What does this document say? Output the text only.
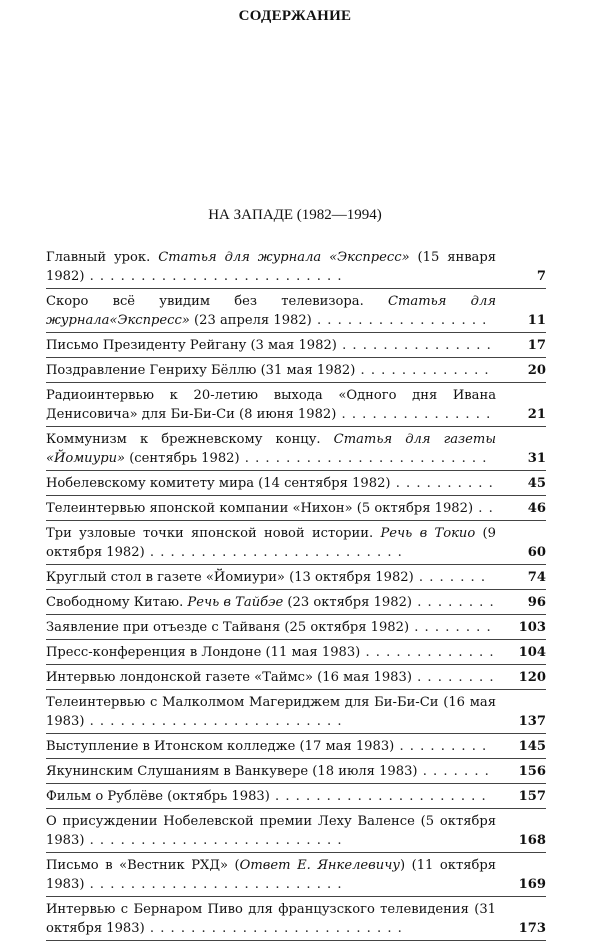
СОДЕРЖАНИЕ
НА ЗАПАДЕ (1982—1994)
Главный урок. Статья для журнала «Экспресс» (15 января 1982) . . . . . . . . . . . . . . . . . . . . . . . . .	7
Скоро всё увидим без телевизора. Статья для журнала«Экспресс» (23 апреля 1982) . . . . . . . . . . . . . . . . .	11
Письмо Президенту Рейгану (3 мая 1982) . . . . . . . . . . . . . . .	17
Поздравление Генриху Бёллю (31 мая 1982) . . . . . . . . . . . . .	20
Радиоинтервью к 20-летию выхода «Одного дня Ивана Денисовича» для Би-Би-Си (8 июня 1982) . . . . . . . . . . . . . . .	21
Коммунизм к брежневскому концу. Статья для газеты «Йомиури» (сентябрь 1982) . . . . . . . . . . . . . . . . . . . . . . . .	31
Нобелевскому комитету мира (14 сентября 1982) . . . . . . . . . .	45
Телеинтервью японской компании «Нихон» (5 октября 1982) . .	46
Три узловые точки японской новой истории. Речь в Токио (9 октября 1982) . . . . . . . . . . . . . . . . . . . . . . . . .	60
Круглый стол в газете «Йомиури» (13 октября 1982) . . . . . . .	74
Свободному Китаю. Речь в Тайбэе (23 октября 1982) . . . . . . . .	96
Заявление при отъезде с Тайваня (25 октября 1982) . . . . . . . .	103
Пресс-конференция в Лондоне (11 мая 1983) . . . . . . . . . . . . . 104
Интервью лондонской газете «Таймс» (16 мая 1983) . . . . . . . . 120
Телеинтервью с Малколмом Магериджем для Би-Би-Си (16 мая 1983) . . . . . . . . . . . . . . . . . . . . . . . . .	137
Выступление в Итонском колледже (17 мая 1983) . . . . . . . . .	145
Якунинским Слушаниям в Ванкувере (18 июля 1983) . . . . . . .	156
Фильм о Рублёве (октябрь 1983) . . . . . . . . . . . . . . . . . . . . .	157
О присуждении Нобелевской премии Леху Валенсе (5 октября 1983) . . . . . . . . . . . . . . . . . . . . . . . . .	168
Письмо в «Вестник РХД» (Ответ Е. Янкелевичу) (11 октября 1983) . . . . . . . . . . . . . . . . . . . . . . . . .	169
Интервью с Бернаром Пиво для французского телевидения (31 октября 1983) . . . . . . . . . . . . . . . . . . . . . . . . .	173
